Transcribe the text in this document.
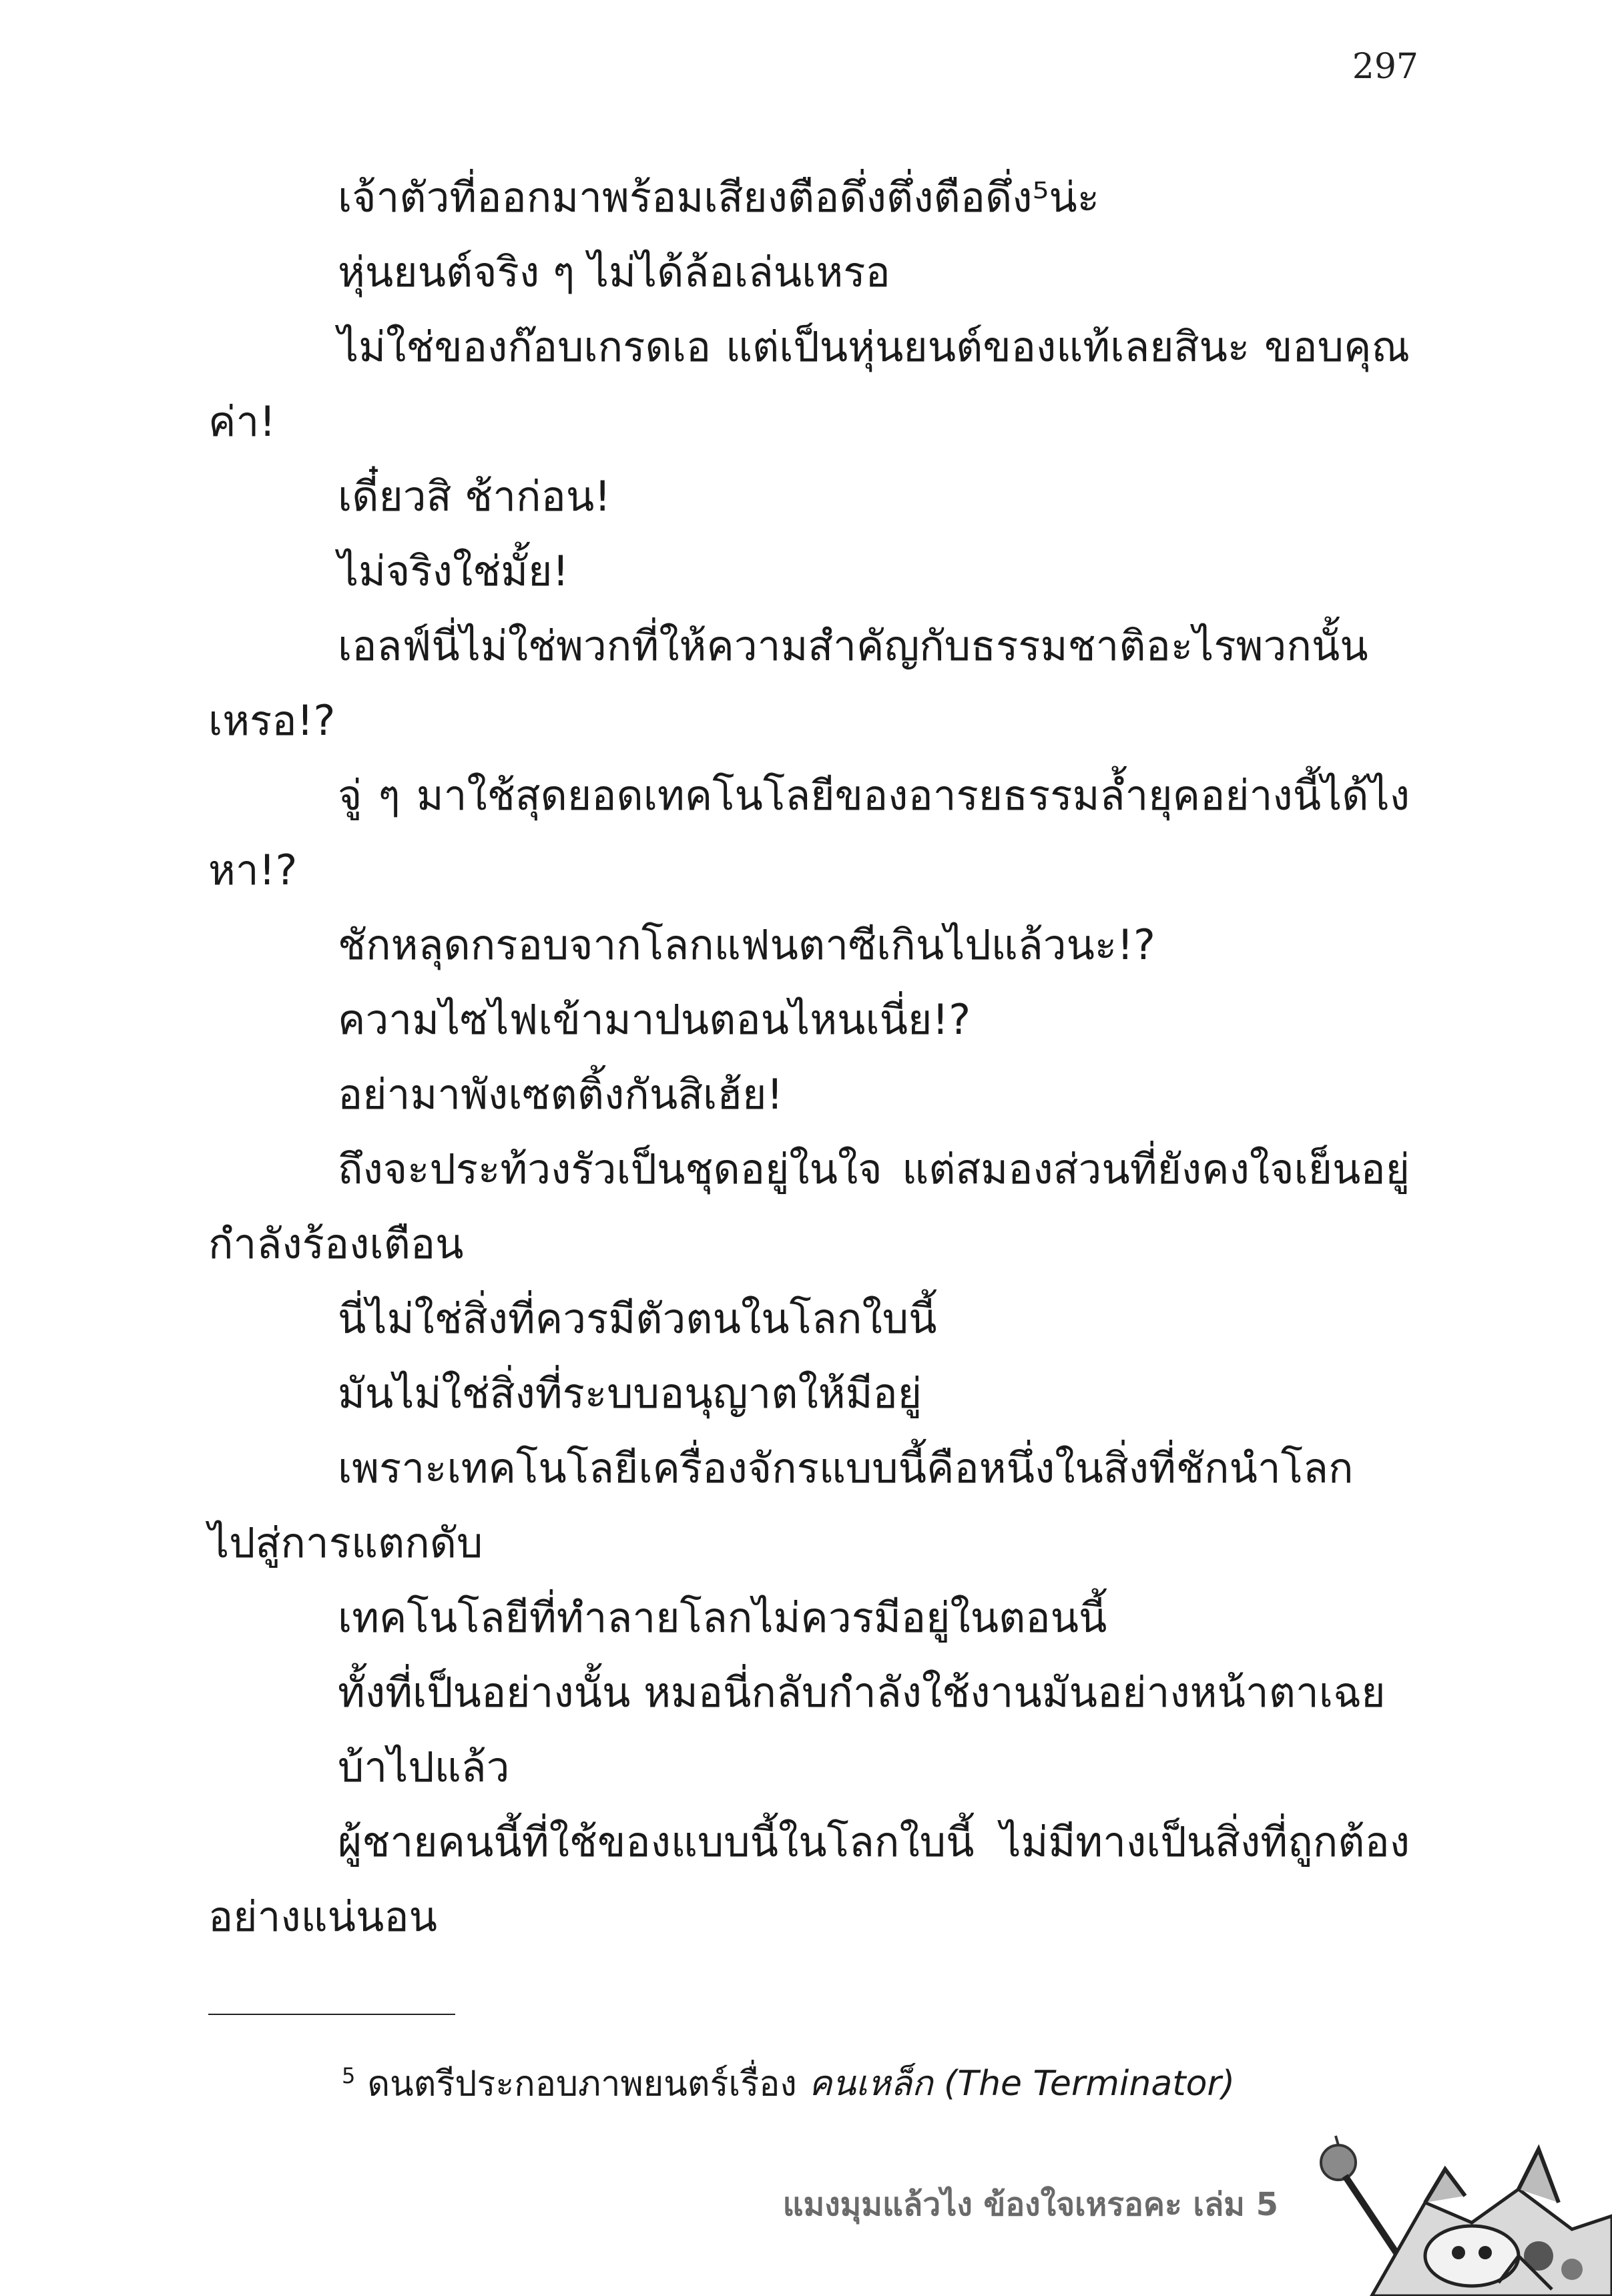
297

เจ้าตัวที่ออกมาพร้อมเสียงตือดึ่งตึ่งตือดึ่ง⁵น่ะ

หุ่นยนต์จริง ๆ ไม่ได้ล้อเล่นเหรอ

ไม่ใช่ของก๊อบเกรดเอ แต่เป็นหุ่นยนต์ของแท้เลยสินะ ขอบคุณค่า!

เดี๋ยวสิ ช้าก่อน!

ไม่จริงใช่มั้ย!

เอลฟ์นี่ไม่ใช่พวกที่ให้ความสำคัญกับธรรมชาติอะไรพวกนั้น เหรอ!?

จู่ ๆ มาใช้สุดยอดเทคโนโลยีของอารยธรรมล้ำยุคอย่างนี้ได้ไง หา!?

ชักหลุดกรอบจากโลกแฟนตาซีเกินไปแล้วนะ!?

ความไซไฟเข้ามาปนตอนไหนเนี่ย!?

อย่ามาพังเซตติ้งกันสิเฮ้ย!

ถึงจะประท้วงรัวเป็นชุดอยู่ในใจ แต่สมองส่วนที่ยังคงใจเย็นอยู่ กำลังร้องเตือน

นี่ไม่ใช่สิ่งที่ควรมีตัวตนในโลกใบนี้

มันไม่ใช่สิ่งที่ระบบอนุญาตให้มีอยู่

เพราะเทคโนโลยีเครื่องจักรแบบนี้คือหนึ่งในสิ่งที่ชักนำโลก ไปสู่การแตกดับ

เทคโนโลยีที่ทำลายโลกไม่ควรมีอยู่ในตอนนี้

ทั้งที่เป็นอย่างนั้น หมอนี่กลับกำลังใช้งานมันอย่างหน้าตาเฉย

บ้าไปแล้ว

ผู้ชายคนนี้ที่ใช้ของแบบนี้ในโลกใบนี้ ไม่มีทางเป็นสิ่งที่ถูกต้อง อย่างแน่นอน

$^5$ ดนตรีประกอบภาพยนตร์เรื่อง คนเหล็ก (The Terminator)
แมงมุมแล้วไง ข้องใจเหรอคะ เล่ม 5
